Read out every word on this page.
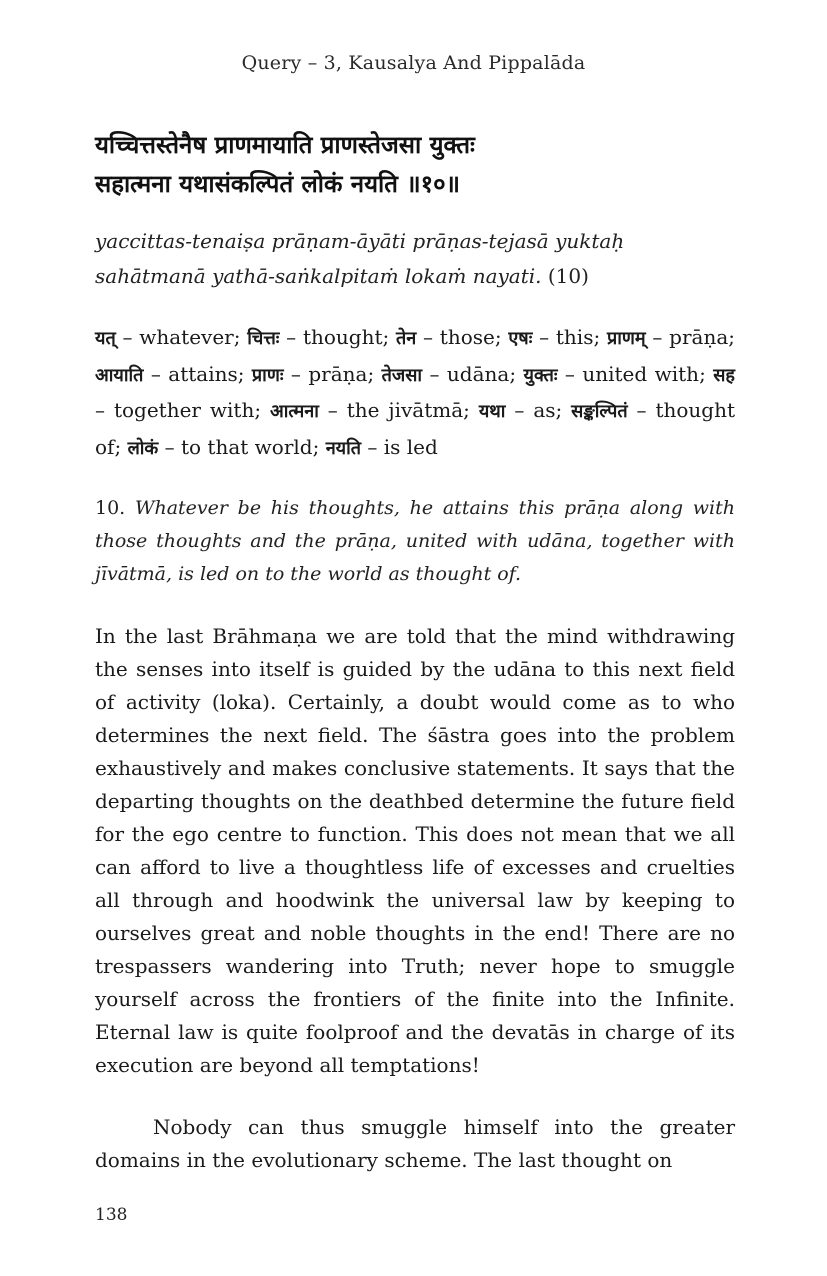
Query – 3, Kausalya And Pippalāda
यच्चित्तस्तेनैष प्राणमायाति प्राणस्तेजसा युक्तः
सहात्मना यथासंकल्पितं लोकं नयति ॥१०॥
yaccittas-tenaiṣa prāṇam-āyāti prāṇas-tejasā yuktaḥ
sahātmanā yathā-saṅkalpitaṁ lokaṁ nayati. (10)
यत् – whatever; चित्तः – thought; तेन – those; एषः – this; प्राणम् – prāṇa; आयाति – attains; प्राणः – prāṇa; तेजसा – udāna; युक्तः – united with; सह – together with; आत्मना – the jivātmā; यथा – as; सङ्कल्पितं – thought of; लोकं – to that world; नयति – is led
10. Whatever be his thoughts, he attains this prāṇa along with those thoughts and the prāṇa, united with udāna, together with jīvātmā, is led on to the world as thought of.

In the last Brāhmaṇa we are told that the mind withdrawing the senses into itself is guided by the udāna to this next field of activity (loka). Certainly, a doubt would come as to who determines the next field. The śāstra goes into the problem exhaustively and makes conclusive statements. It says that the departing thoughts on the deathbed determine the future field for the ego centre to function. This does not mean that we all can afford to live a thoughtless life of excesses and cruelties all through and hoodwink the universal law by keeping to ourselves great and noble thoughts in the end! There are no trespassers wandering into Truth; never hope to smuggle yourself across the frontiers of the finite into the Infinite. Eternal law is quite foolproof and the devatās in charge of its execution are beyond all temptations!

Nobody can thus smuggle himself into the greater domains in the evolutionary scheme. The last thought on

138
